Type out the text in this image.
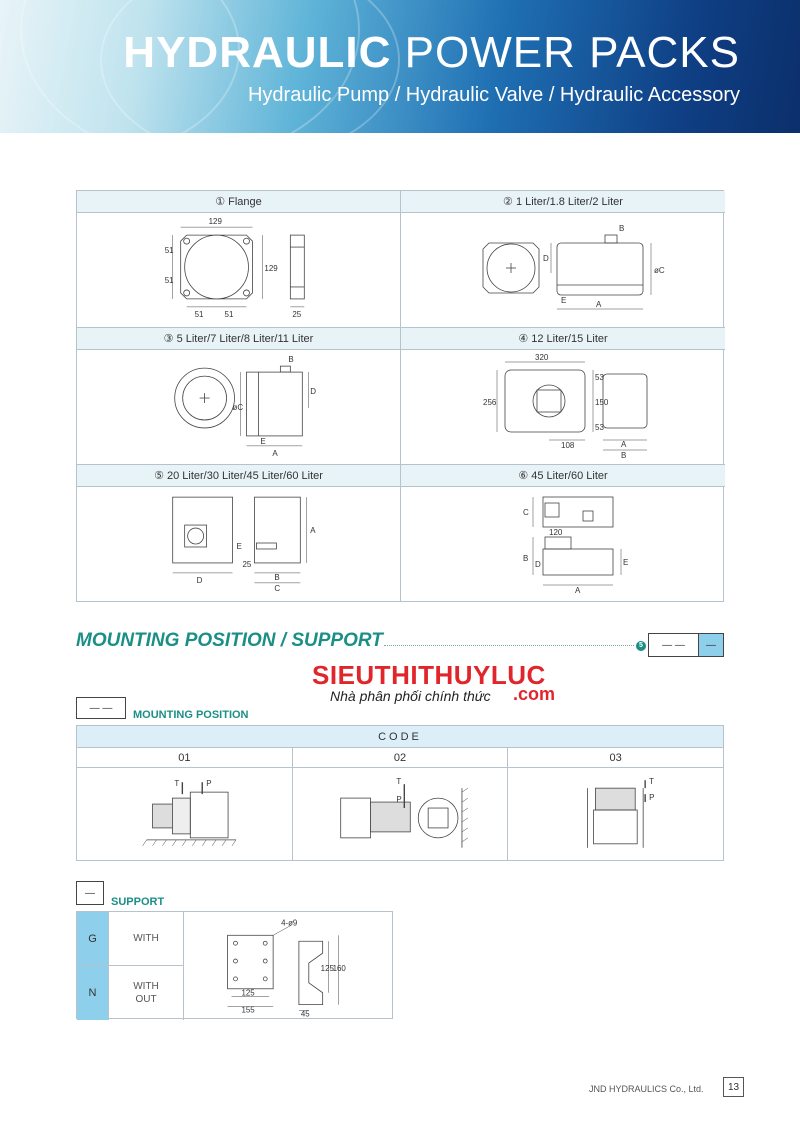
HYDRAULIC POWER PACKS
Hydraulic Pump / Hydraulic Valve / Hydraulic Accessory
① Flange
129
51
51
129
51	51	25
② 1 Liter/1.8 Liter/2 Liter
B
D
øC
E	A
③ 5 Liter/7 Liter/8 Liter/11 Liter
B
D
øC
E
A
④ 12 Liter/15 Liter
320
256
53
150
53
108	A
B
⑤ 20 Liter/30 Liter/45 Liter/60 Liter
A
E
25
D	B
C
⑥ 45 Liter/60 Liter
C
120
B
D	E
A
MOUNTING POSITION / SUPPORT	5	— —	—
SIEUTHITHUYLUC
Nhà phân phối chính thức .com
— —
MOUNTING POSITION
CODE
01	02	03
T	P	T
P
T
P
—
SUPPORT
G	WITH
4-ø9
125
160
125
155	45
N
WITH
OUT
JND HYDRAULICS Co., Ltd.	13
